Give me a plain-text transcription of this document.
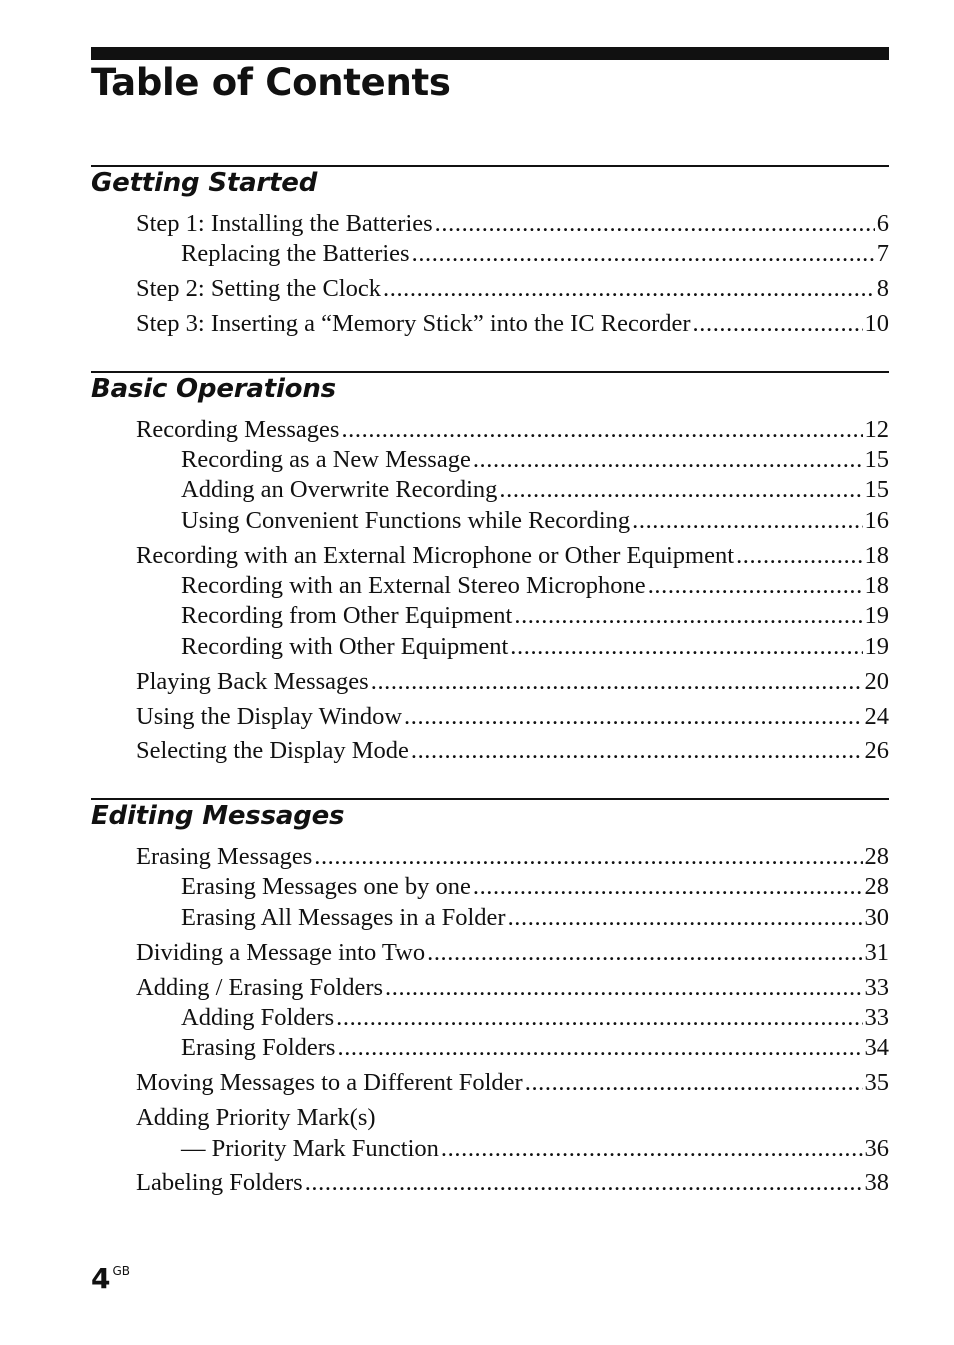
Table of Contents
Getting Started
Step 1: Installing the Batteries .....	6
Replacing the Batteries .....	7
Step 2: Setting the Clock .....	8
Step 3: Inserting a “Memory Stick” into the IC Recorder .....	10
Basic Operations
Recording Messages .....	12
Recording as a New Message .....	15
Adding an Overwrite Recording .....	15
Using Convenient Functions while Recording .....	16
Recording with an External Microphone or Other Equipment .....	18
Recording with an External Stereo Microphone .....	18
Recording from Other Equipment .....	19
Recording with Other Equipment .....	19
Playing Back Messages .....	20
Using the Display Window .....	24
Selecting the Display Mode .....	26
Editing Messages
Erasing Messages .....	28
Erasing Messages one by one .....	28
Erasing All Messages in a Folder .....	30
Dividing a Message into Two .....	31
Adding / Erasing Folders .....	33
Adding Folders .....	33
Erasing Folders .....	34
Moving Messages to a Different Folder .....	35
Adding Priority Mark(s)
— Priority Mark Function .....	36
Labeling Folders .....	38
4 $^{GB}$
